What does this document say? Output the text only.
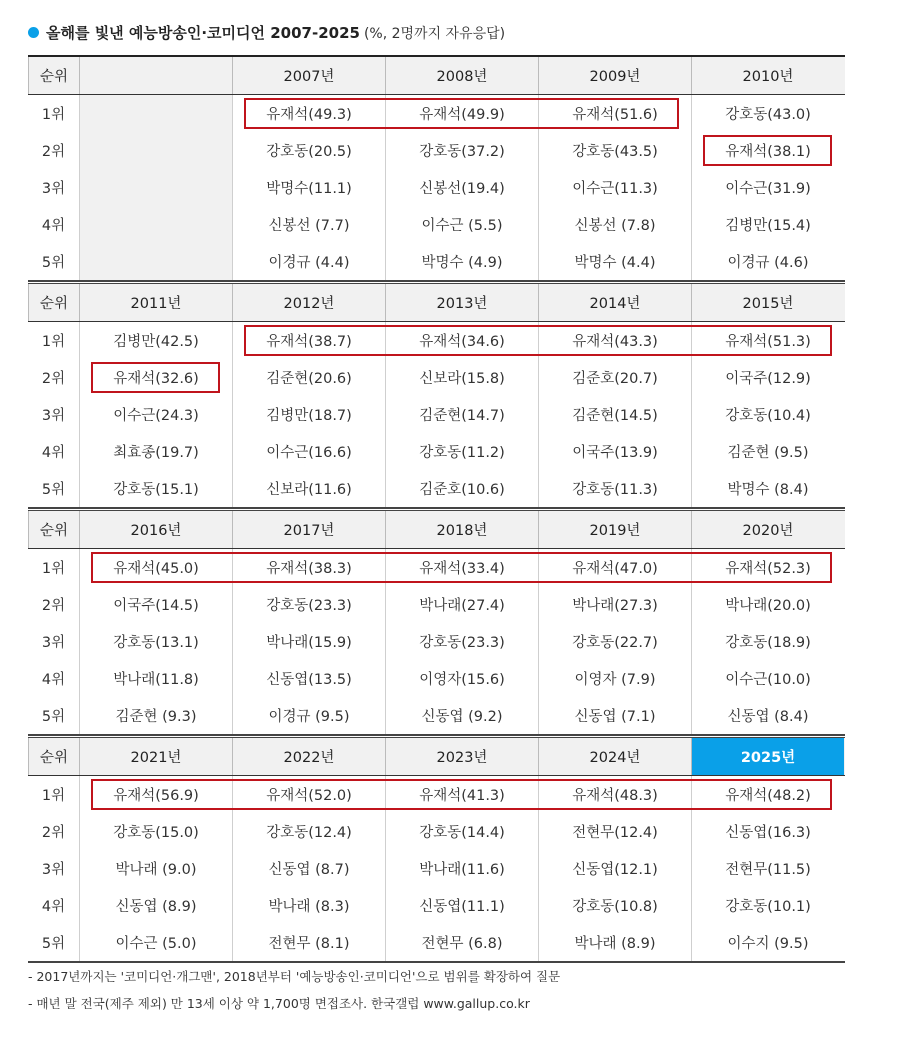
올해를 빛낸 예능방송인·코미디언 2007-2025 (%, 2명까지 자유응답)
순위	2007년	2008년	2009년	2010년
1위	유재석(49.3)	유재석(49.9)	유재석(51.6)	강호동(43.0)
2위	강호동(20.5)	강호동(37.2)	강호동(43.5)	유재석(38.1)
3위	박명수(11.1)	신봉선(19.4)	이수근(11.3)	이수근(31.9)
4위	신봉선 (7.7)	이수근 (5.5)	신봉선 (7.8)	김병만(15.4)
5위	이경규 (4.4)	박명수 (4.9)	박명수 (4.4)	이경규 (4.6)
순위	2011년	2012년	2013년	2014년	2015년
1위	김병만(42.5)	유재석(38.7)	유재석(34.6)	유재석(43.3)	유재석(51.3)
2위	유재석(32.6)	김준현(20.6)	신보라(15.8)	김준호(20.7)	이국주(12.9)
3위	이수근(24.3)	김병만(18.7)	김준현(14.7)	김준현(14.5)	강호동(10.4)
4위	최효종(19.7)	이수근(16.6)	강호동(11.2)	이국주(13.9)	김준현 (9.5)
5위	강호동(15.1)	신보라(11.6)	김준호(10.6)	강호동(11.3)	박명수 (8.4)
순위	2016년	2017년	2018년	2019년	2020년
1위	유재석(45.0)	유재석(38.3)	유재석(33.4)	유재석(47.0)	유재석(52.3)
2위	이국주(14.5)	강호동(23.3)	박나래(27.4)	박나래(27.3)	박나래(20.0)
3위	강호동(13.1)	박나래(15.9)	강호동(23.3)	강호동(22.7)	강호동(18.9)
4위	박나래(11.8)	신동엽(13.5)	이영자(15.6)	이영자 (7.9)	이수근(10.0)
5위	김준현 (9.3)	이경규 (9.5)	신동엽 (9.2)	신동엽 (7.1)	신동엽 (8.4)
순위	2021년	2022년	2023년	2024년	2025년
1위	유재석(56.9)	유재석(52.0)	유재석(41.3)	유재석(48.3)	유재석(48.2)
2위	강호동(15.0)	강호동(12.4)	강호동(14.4)	전현무(12.4)	신동엽(16.3)
3위	박나래 (9.0)	신동엽 (8.7)	박나래(11.6)	신동엽(12.1)	전현무(11.5)
4위	신동엽 (8.9)	박나래 (8.3)	신동엽(11.1)	강호동(10.8)	강호동(10.1)
5위	이수근 (5.0)	전현무 (8.1)	전현무 (6.8)	박나래 (8.9)	이수지 (9.5)
- 2017년까지는 '코미디언·개그맨', 2018년부터 '예능방송인·코미디언'으로 범위를 확장하여 질문
- 매년 말 전국(제주 제외) 만 13세 이상 약 1,700명 면접조사. 한국갤럽 www.gallup.co.kr
